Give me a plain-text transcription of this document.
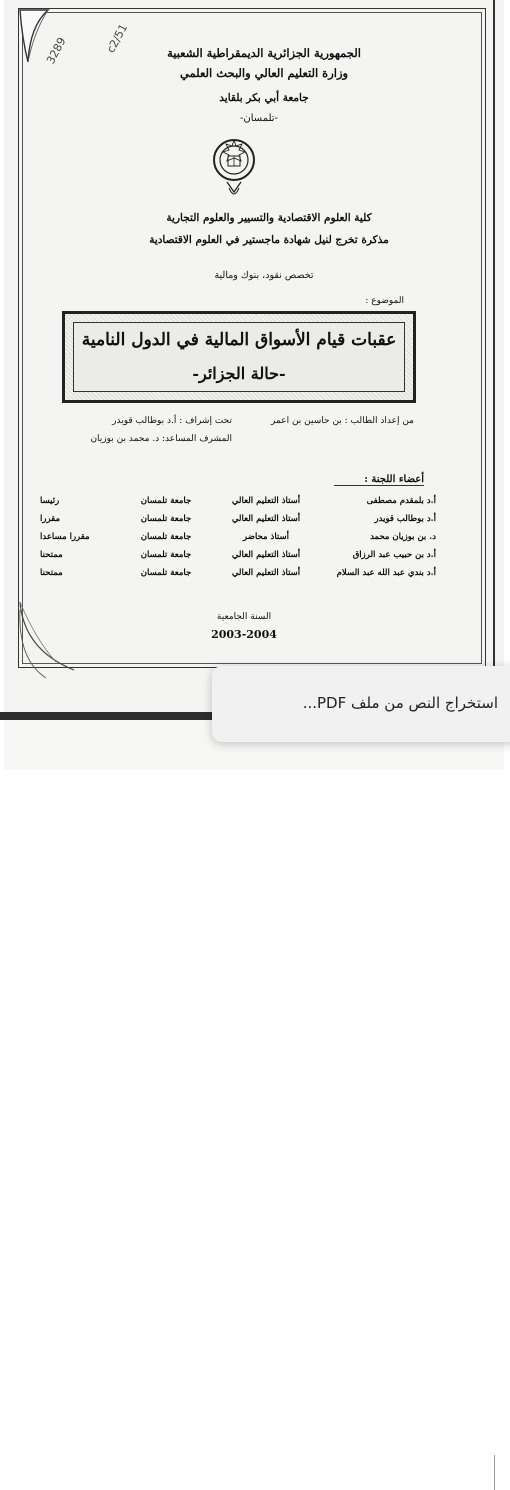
3289	c2/51	الجمهورية الجزائرية الديمقراطية الشعبية
وزارة التعليم العالي والبحث العلمي
جامعة أبي بكر بلقايد
-تلمسان-
كلية العلوم الاقتصادية والتسيير والعلوم التجارية
مذكرة تخرج لنيل شهادة ماجستير في العلوم الاقتصادية
تخصص نقود، بنوك ومالية
الموضوع :
عقبات قيام الأسواق المالية في الدول النامية
-حالة الجزائر-
من إعداد الطالب : بن حاسين بن اعمر
تحت إشراف : أ.د بوطالب قويدر
المشرف المساعد: د. محمد بن بوزيان
أعضاء اللجنة :
أ.د بلمقدم مصطفى	أستاذ التعليم العالي	جامعة تلمسان	رئيسا
أ.د بوطالب قويدر	أستاذ التعليم العالي	جامعة تلمسان	مقررا
د. بن بوزيان محمد	أستاذ محاضر	جامعة تلمسان	مقررا مساعدا
أ.د بن حبيب عبد الرزاق	أستاذ التعليم العالي	جامعة تلمسان	ممتحنا
أ.د بندي عبد الله عبد السلام	أستاذ التعليم العالي	جامعة تلمسان	ممتحنا
السنة الجامعية
2003-2004
استخراج النص من ملف PDF...
